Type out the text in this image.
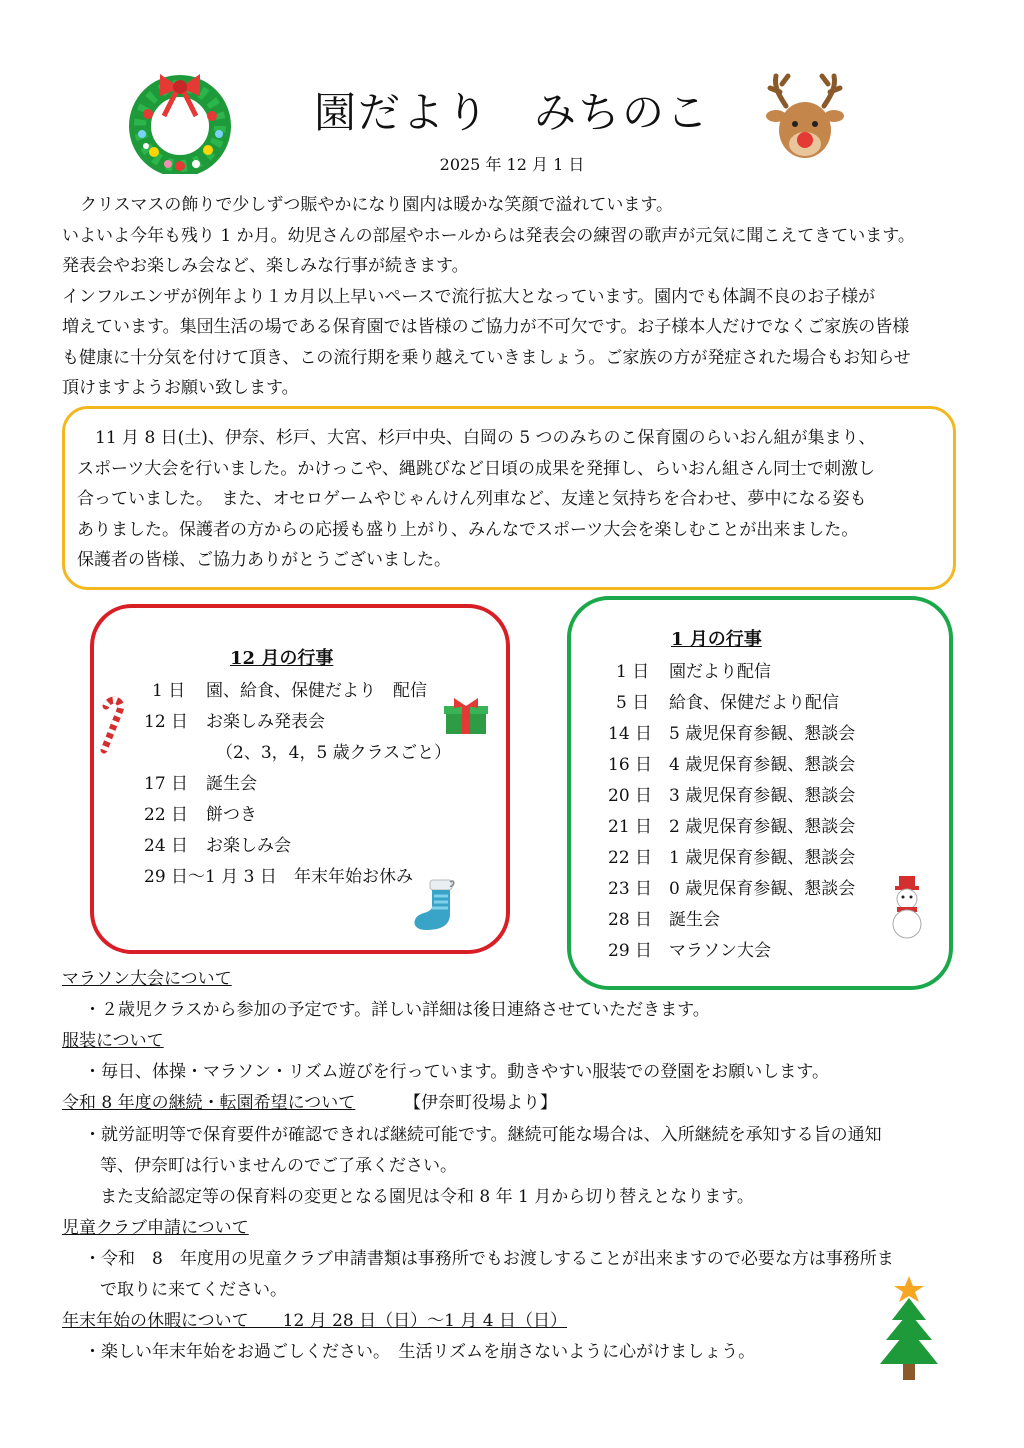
園だより　みちのこ
2025 年 12 月 1 日

クリスマスの飾りで少しずつ賑やかになり園内は暖かな笑顔で溢れています。

いよいよ今年も残り 1 か月。幼児さんの部屋やホールからは発表会の練習の歌声が元気に聞こえてきています。

発表会やお楽しみ会など、楽しみな行事が続きます。

インフルエンザが例年より１カ月以上早いペースで流行拡大となっています。園内でも体調不良のお子様が

増えています。集団生活の場である保育園では皆様のご協力が不可欠です。お子様本人だけでなくご家族の皆様

も健康に十分気を付けて頂き、この流行期を乗り越えていきましょう。ご家族の方が発症された場合もお知らせ

頂けますようお願い致します。

11 月 8 日(土)、伊奈、杉戸、大宮、杉戸中央、白岡の 5 つのみちのこ保育園のらいおん組が集まり、

スポーツ大会を行いました。かけっこや、縄跳びなど日頃の成果を発揮し、らいおん組さん同士で刺激し

合っていました。　また、オセロゲームやじゃんけん列車など、友達と気持ちを合わせ、夢中になる姿も

ありました。保護者の方からの応援も盛り上がり、みんなでスポーツ大会を楽しむことが出来ました。

保護者の皆様、ご協力ありがとうございました。

12 月の行事
1 日 園、給食、保健だより　配信
12 日 お楽しみ発表会
（2、3，4，5 歳クラスごと）
17 日 誕生会
22 日 餅つき
24 日 お楽しみ会
29 日〜1 月 3 日 年末年始お休み
1 月の行事
1 日 園だより配信
5 日 給食、保健だより配信
14 日 5 歳児保育参観、懇談会
16 日 4 歳児保育参観、懇談会
20 日 3 歳児保育参観、懇談会
21 日 2 歳児保育参観、懇談会
22 日 1 歳児保育参観、懇談会
23 日 0 歳児保育参観、懇談会
28 日 誕生会
29 日 マラソン大会
マラソン大会について
・２歳児クラスから参加の予定です。詳しい詳細は後日連絡させていただきます。
服装について
・毎日、体操・マラソン・リズム遊びを行っています。動きやすい服装での登園をお願いします。
令和 8 年度の継続・転園希望について	【伊奈町役場より】
・就労証明等で保育要件が確認できれば継続可能です。継続可能な場合は、入所継続を承知する旨の通知
等、伊奈町は行いませんのでご了承ください。
また支給認定等の保育料の変更となる園児は令和 8 年 1 月から切り替えとなります。
児童クラブ申請について
・令和　8　年度用の児童クラブ申請書類は事務所でもお渡しすることが出来ますので必要な方は事務所ま
で取りに来てください。
年末年始の休暇について　　12 月 28 日（日）〜1 月 4 日（日）
・楽しい年末年始をお過ごしください。　生活リズムを崩さないように心がけましょう。
